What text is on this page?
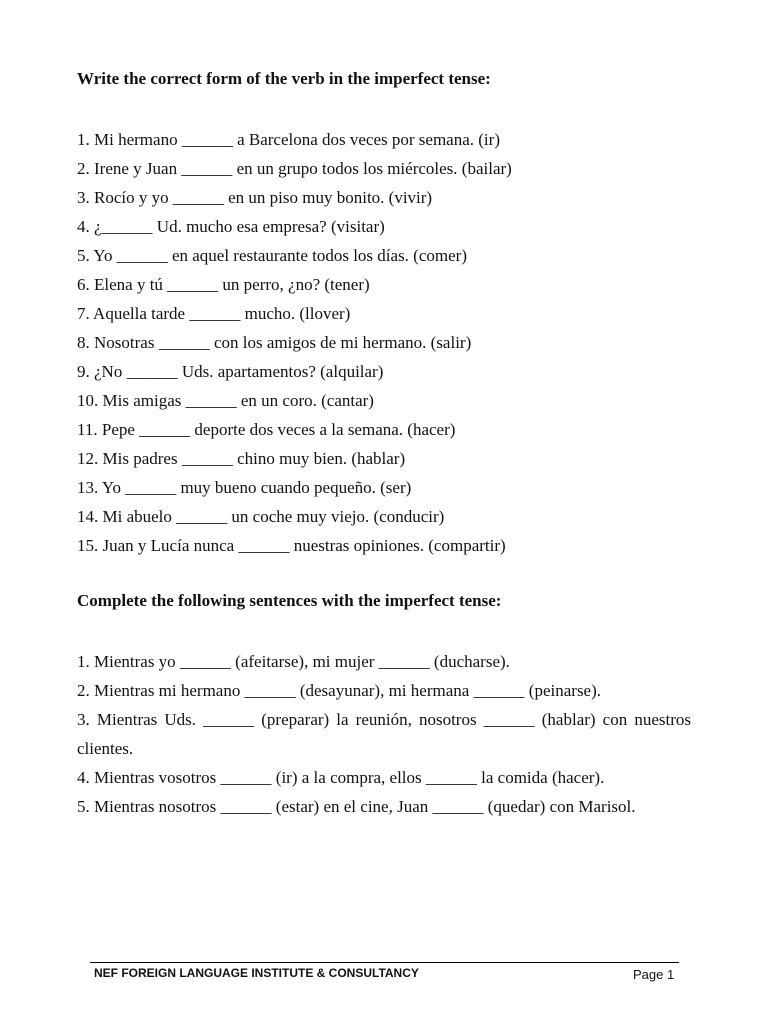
Write the correct form of the verb in the imperfect tense:
1. Mi hermano ______ a Barcelona dos veces por semana. (ir)
2. Irene y Juan ______ en un grupo todos los miércoles. (bailar)
3. Rocío y yo ______ en un piso muy bonito. (vivir)
4. ¿______ Ud. mucho esa empresa? (visitar)
5. Yo ______ en aquel restaurante todos los días. (comer)
6. Elena y tú ______ un perro, ¿no? (tener)
7. Aquella tarde ______ mucho. (llover)
8. Nosotras ______ con los amigos de mi hermano. (salir)
9. ¿No ______ Uds. apartamentos? (alquilar)
10. Mis amigas ______ en un coro. (cantar)
11. Pepe ______ deporte dos veces a la semana. (hacer)
12. Mis padres ______ chino muy bien. (hablar)
13. Yo ______ muy bueno cuando pequeño. (ser)
14. Mi abuelo ______ un coche muy viejo. (conducir)
15. Juan y Lucía nunca ______ nuestras opiniones. (compartir)
Complete the following sentences with the imperfect tense:
1. Mientras yo ______ (afeitarse), mi mujer ______ (ducharse).
2. Mientras mi hermano ______ (desayunar), mi hermana ______ (peinarse).
3. Mientras Uds. ______ (preparar) la reunión, nosotros ______ (hablar) con nuestros clientes.
4. Mientras vosotros ______ (ir) a la compra, ellos ______ la comida (hacer).
5. Mientras nosotros ______ (estar) en el cine, Juan ______ (quedar) con Marisol.
NEF FOREIGN LANGUAGE INSTITUTE & CONSULTANCY	Page 1
